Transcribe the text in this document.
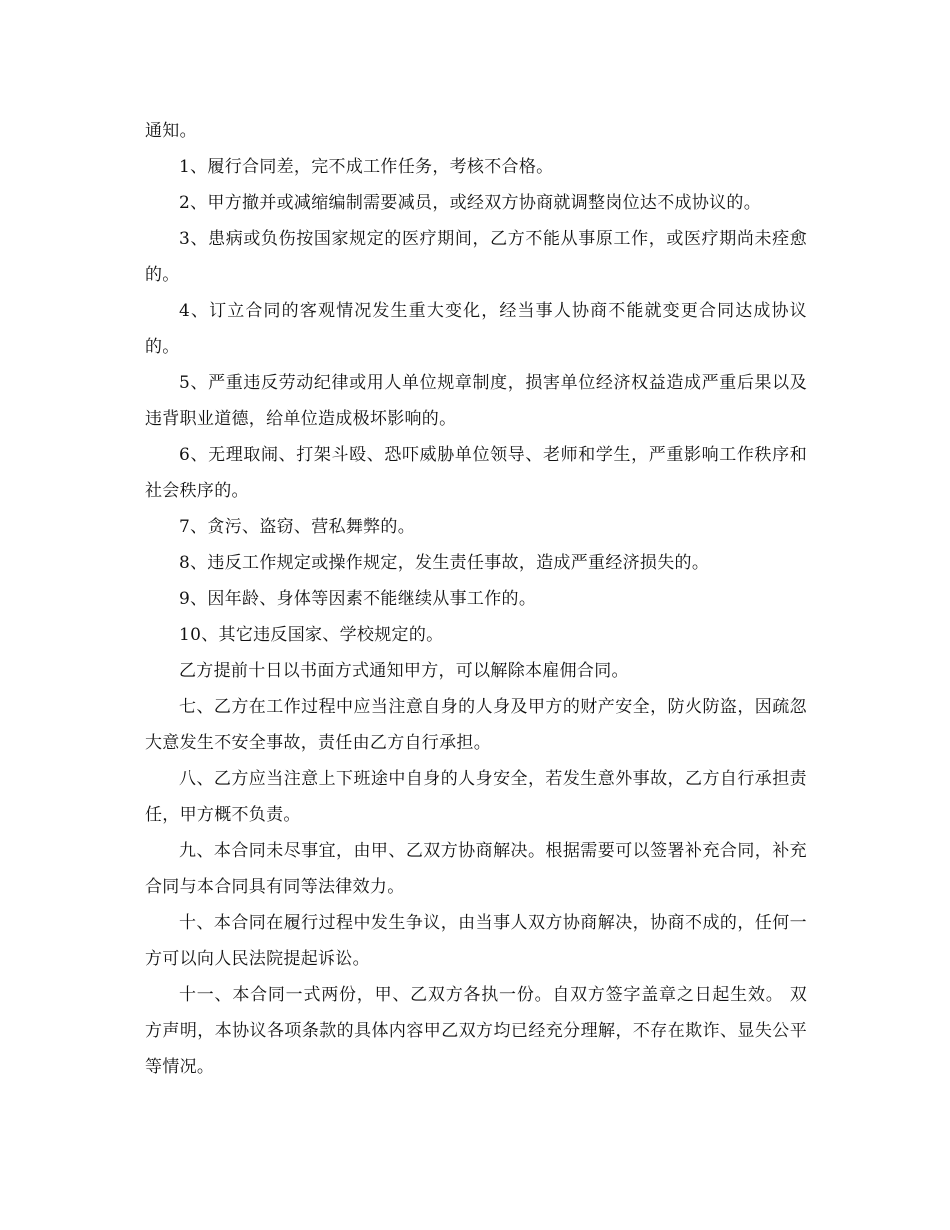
通知。

1、履行合同差，完不成工作任务，考核不合格。

2、甲方撤并或减缩编制需要减员，或经双方协商就调整岗位达不成协议的。

3、患病或负伤按国家规定的医疗期间，乙方不能从事原工作，或医疗期尚未痊愈的。

4、订立合同的客观情况发生重大变化，经当事人协商不能就变更合同达成协议的。

5、严重违反劳动纪律或用人单位规章制度，损害单位经济权益造成严重后果以及违背职业道德，给单位造成极坏影响的。

6、无理取闹、打架斗殴、恐吓威胁单位领导、老师和学生，严重影响工作秩序和社会秩序的。

7、贪污、盗窃、营私舞弊的。

8、违反工作规定或操作规定，发生责任事故，造成严重经济损失的。

9、因年龄、身体等因素不能继续从事工作的。

10、其它违反国家、学校规定的。

乙方提前十日以书面方式通知甲方，可以解除本雇佣合同。

七、乙方在工作过程中应当注意自身的人身及甲方的财产安全，防火防盗，因疏忽大意发生不安全事故，责任由乙方自行承担。

八、乙方应当注意上下班途中自身的人身安全，若发生意外事故，乙方自行承担责任，甲方概不负责。

九、本合同未尽事宜，由甲、乙双方协商解决。根据需要可以签署补充合同，补充合同与本合同具有同等法律效力。

十、本合同在履行过程中发生争议，由当事人双方协商解决，协商不成的，任何一方可以向人民法院提起诉讼。

十一、本合同一式两份，甲、乙双方各执一份。自双方签字盖章之日起生效。 双方声明，本协议各项条款的具体内容甲乙双方均已经充分理解，不存在欺诈、显失公平等情况。
